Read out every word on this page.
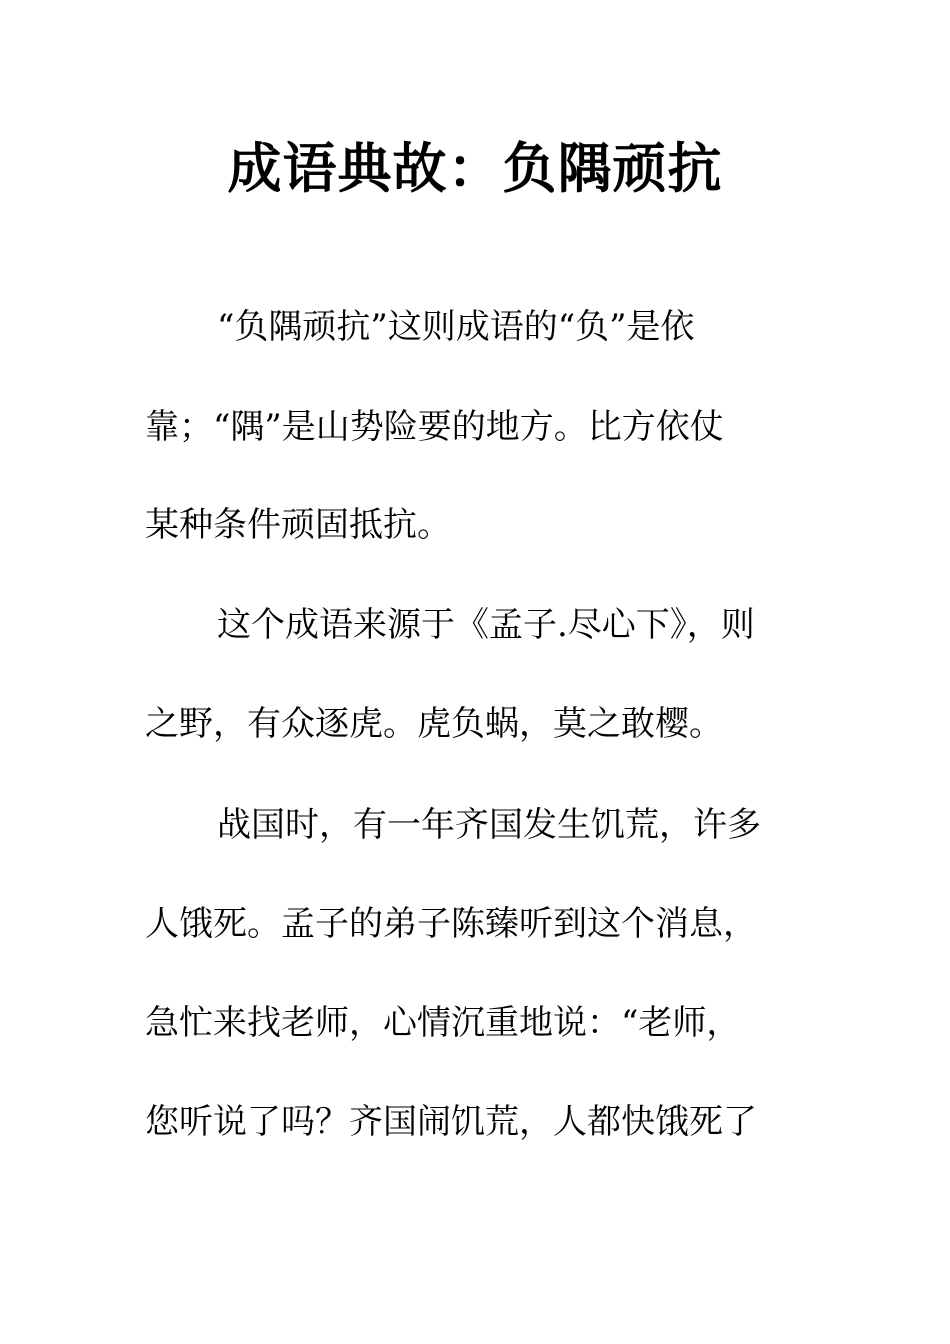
成语典故：负隅顽抗

“负隅顽抗”这则成语的“负”是依

靠；“隅”是山势险要的地方。比方依仗

某种条件顽固抵抗。

这个成语来源于《孟子.尽心下》，则

之野，有众逐虎。虎负蜗，莫之敢樱。

战国时，有一年齐国发生饥荒，许多

人饿死。孟子的弟子陈臻听到这个消息，

急忙来找老师，心情沉重地说：“老师，

您听说了吗？齐国闹饥荒，人都快饿死了
